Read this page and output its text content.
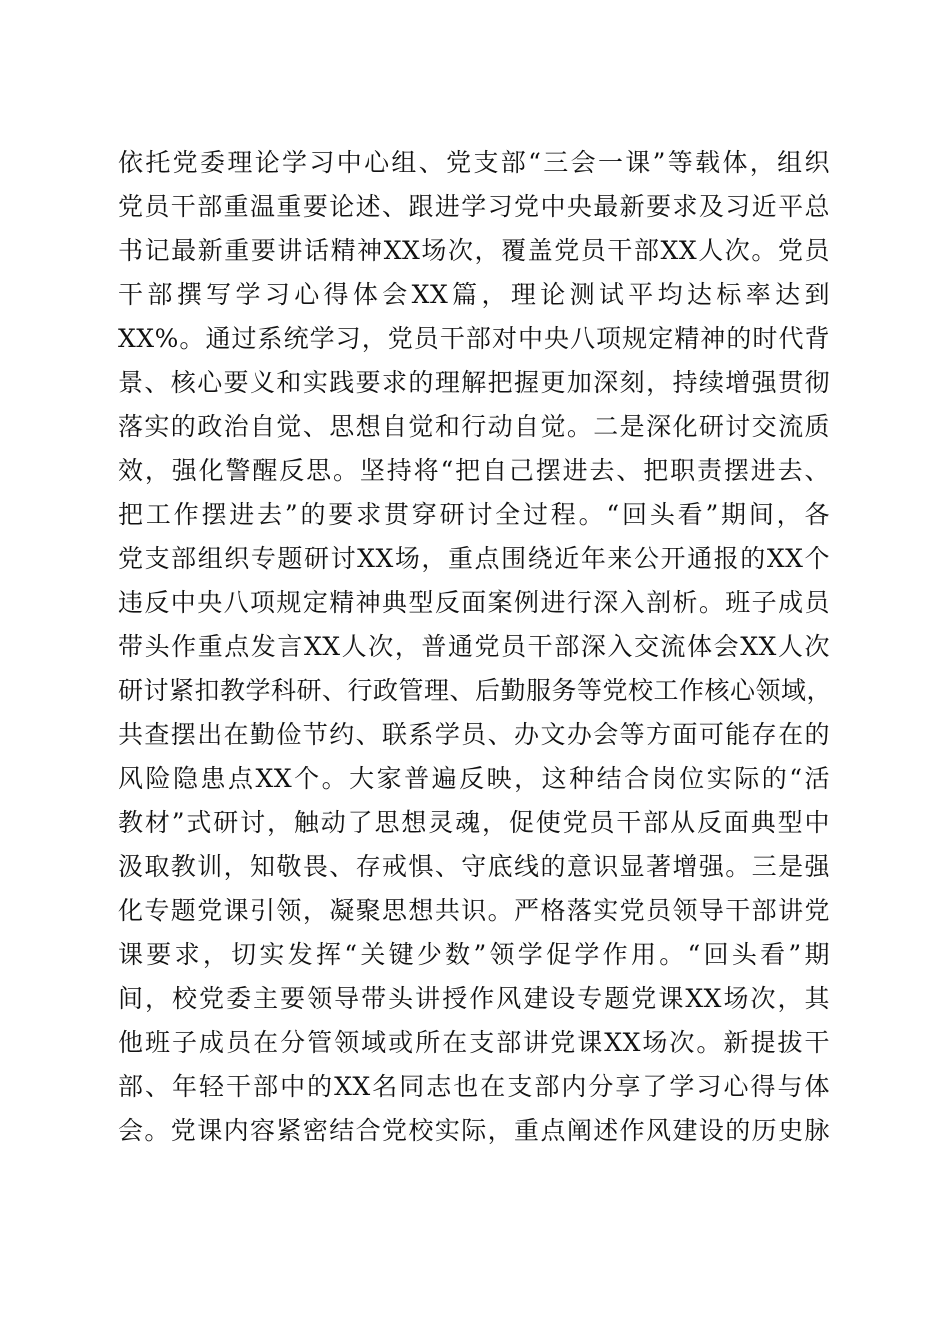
依托党委理论学习中心组、党支部“三会一课”等载体，组织
党员干部重温重要论述、跟进学习党中央最新要求及习近平总
书记最新重要讲话精神XX场次，覆盖党员干部XX人次。党员
干部撰写学习心得体会XX篇，理论测试平均达标率达到
XX%。通过系统学习，党员干部对中央八项规定精神的时代背
景、核心要义和实践要求的理解把握更加深刻，持续增强贯彻
落实的政治自觉、思想自觉和行动自觉。二是深化研讨交流质
效，强化警醒反思。坚持将“把自己摆进去、把职责摆进去、
把工作摆进去”的要求贯穿研讨全过程。“回头看”期间，各
党支部组织专题研讨XX场，重点围绕近年来公开通报的XX个
违反中央八项规定精神典型反面案例进行深入剖析。班子成员
带头作重点发言XX人次，普通党员干部深入交流体会XX人次
研讨紧扣教学科研、行政管理、后勤服务等党校工作核心领域，
共查摆出在勤俭节约、联系学员、办文办会等方面可能存在的
风险隐患点XX个。大家普遍反映，这种结合岗位实际的“活
教材”式研讨，触动了思想灵魂，促使党员干部从反面典型中
汲取教训，知敬畏、存戒惧、守底线的意识显著增强。三是强
化专题党课引领，凝聚思想共识。严格落实党员领导干部讲党
课要求，切实发挥“关键少数”领学促学作用。“回头看”期
间，校党委主要领导带头讲授作风建设专题党课XX场次，其
他班子成员在分管领域或所在支部讲党课XX场次。新提拔干
部、年轻干部中的XX名同志也在支部内分享了学习心得与体
会。党课内容紧密结合党校实际，重点阐述作风建设的历史脉
